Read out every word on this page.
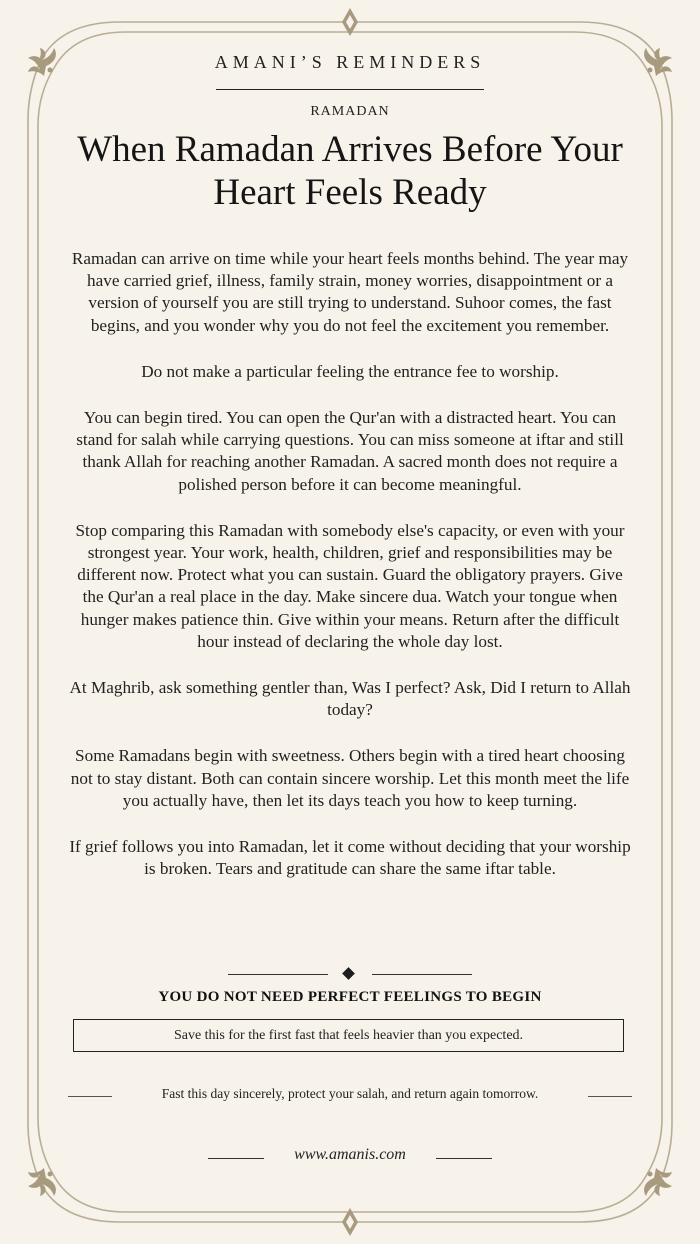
AMANI’S REMINDERS
RAMADAN
When Ramadan Arrives Before Your Heart Feels Ready

Ramadan can arrive on time while your heart feels months behind. The year may have carried grief, illness, family strain, money worries, disappointment or a version of yourself you are still trying to understand. Suhoor comes, the fast begins, and you wonder why you do not feel the excitement you remember.

Do not make a particular feeling the entrance fee to worship.

You can begin tired. You can open the Qur'an with a distracted heart. You can stand for salah while carrying questions. You can miss someone at iftar and still thank Allah for reaching another Ramadan. A sacred month does not require a polished person before it can become meaningful.

Stop comparing this Ramadan with somebody else's capacity, or even with your strongest year. Your work, health, children, grief and responsibilities may be different now. Protect what you can sustain. Guard the obligatory prayers. Give the Qur'an a real place in the day. Make sincere dua. Watch your tongue when hunger makes patience thin. Give within your means. Return after the difficult hour instead of declaring the whole day lost.

At Maghrib, ask something gentler than, Was I perfect? Ask, Did I return to Allah today?

Some Ramadans begin with sweetness. Others begin with a tired heart choosing not to stay distant. Both can contain sincere worship. Let this month meet the life you actually have, then let its days teach you how to keep turning.

If grief follows you into Ramadan, let it come without deciding that your worship is broken. Tears and gratitude can share the same iftar table.

YOU DO NOT NEED PERFECT FEELINGS TO BEGIN
Save this for the first fast that feels heavier than you expected.
Fast this day sincerely, protect your salah, and return again tomorrow.
www.amanis.com
